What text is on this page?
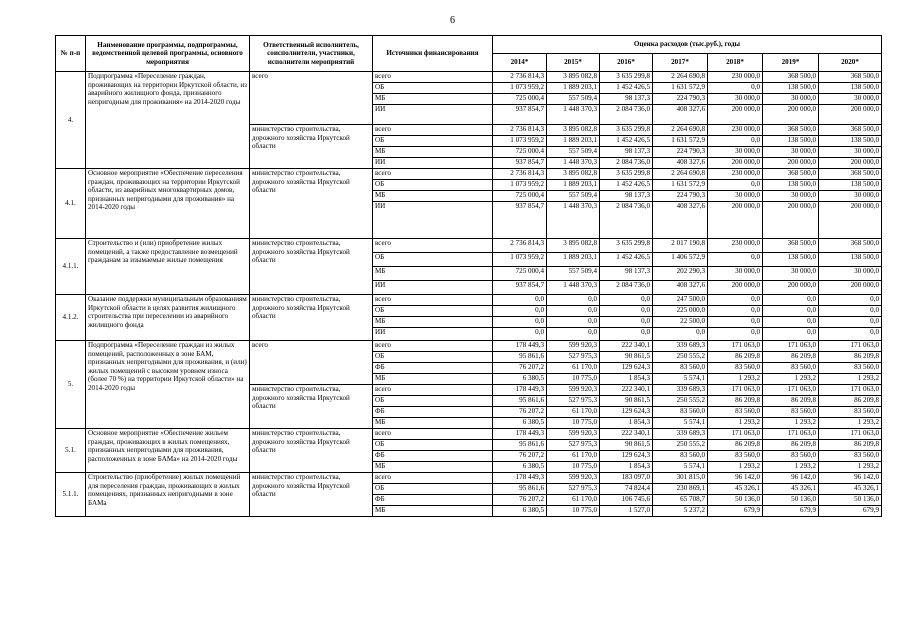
6
№ п-п	Наименование программы, подпрограммы, ведомственной целевой программы, основного мероприятия	Ответственный исполнитель, соисполнители, участники, исполнители мероприятий	Источники финансирования	Оценка расходов (тыс.руб.), годы						
				2014*	2015*	2016*	2017*	2018*	2019*	2020*
4.	Подпрограмма «Переселение граждан, проживающих на территории Иркутской области, из аварийного жилищного фонда, признанного непригодным для проживания» на 2014-2020 годы	всего	всего	2 736 814,3	3 895 082,8	3 635 299,8	2 264 690,8	230 000,0	368 500,0	368 500,0
			ОБ	1 073 959,2	1 889 203,1	1 452 426,5	1 631 572,9	0,0	138 500,0	138 500,0
			МБ	725 000,4	557 509,4	98 137,3	224 790,3	30 000,0	30 000,0	30 000,0
			ИИ	937 854,7	1 448 370,3	2 084 736,0	408 327,6	200 000,0	200 000,0	200 000,0
		министерство строительства, дорожного хозяйства Иркутской области	всего	2 736 814,3	3 895 082,8	3 635 299,8	2 264 690,8	230 000,0	368 500,0	368 500,0
			ОБ	1 073 959,2	1 889 203,1	1 452 426,5	1 631 572,9	0,0	138 500,0	138 500,0
			МБ	725 000,4	557 509,4	98 137,3	224 790,3	30 000,0	30 000,0	30 000,0
			ИИ	937 854,7	1 448 370,3	2 084 736,0	408 327,6	200 000,0	200 000,0	200 000,0
4.1.	Основное мероприятие «Обеспечение переселения граждан, проживающих на территории Иркутской области, из аварийных многоквартирных домов, признанных непригодными для проживания» на 2014-2020 годы	министерство строительства, дорожного хозяйства Иркутской области	всего	2 736 814,3	3 895 082,8	3 635 299,8	2 264 690,8	230 000,0	368 500,0	368 500,0
			ОБ	1 073 959,2	1 889 203,1	1 452 426,5	1 631 572,9	0,0	138 500,0	138 500,0
			МБ	725 000,4	557 509,4	98 137,3	224 790,3	30 000,0	30 000,0	30 000,0
			ИИ	937 854,7	1 448 370,3	2 084 736,0	408 327,6	200 000,0	200 000,0	200 000,0
4.1.1.	Строительство и (или) приобретение жилых помещений, а также предоставление возмещений гражданам за изымаемые жилые помещения	министерство строительства, дорожного хозяйства Иркутской области	всего	2 736 814,3	3 895 082,8	3 635 299,8	2 017 190,8	230 000,0	368 500,0	368 500,0
			ОБ	1 073 959,2	1 889 203,1	1 452 426,5	1 406 572,9	0,0	138 500,0	138 500,0
			МБ	725 000,4	557 509,4	98 137,3	202 290,3	30 000,0	30 000,0	30 000,0
			ИИ	937 854,7	1 448 370,3	2 084 736,0	408 327,6	200 000,0	200 000,0	200 000,0
4.1.2.	Оказание поддержки муниципальным образованиям Иркутской области в целях развития жилищного строительства при переселении из аварийного жилищного фонда	министерство строительства, дорожного хозяйства Иркутской области	всего	0,0	0,0	0,0	247 500,0	0,0	0,0	0,0
			ОБ	0,0	0,0	0,0	225 000,0	0,0	0,0	0,0
			МБ	0,0	0,0	0,0	22 500,0	0,0	0,0	0,0
			ИИ	0,0	0,0	0,0	0,0	0,0	0,0	0,0
5.	Подпрограмма «Переселение граждан из жилых помещений, расположенных в зоне БАМ, признанных непригодными для проживания, и (или) жилых помещений с высоким уровнем износа (более 70 %) на территории Иркутской области» на 2014-2020 годы	всего	всего	178 449,3	599 920,3	222 340,1	339 689,3	171 063,0	171 063,0	171 063,0
			ОБ	95 861,6	527 975,3	90 861,5	250 555,2	86 209,8	86 209,8	86 209,8
			ФБ	76 207,2	61 170,0	129 624,3	83 560,0	83 560,0	83 560,0	83 560,0
			МБ	6 380,5	10 775,0	1 854,3	5 574,1	1 293,2	1 293,2	1 293,2
		министерство строительства, дорожного хозяйства Иркутской области	всего	178 449,3	599 920,3	222 340,1	339 689,3	171 063,0	171 063,0	171 063,0
			ОБ	95 861,6	527 975,3	90 861,5	250 555,2	86 209,8	86 209,8	86 209,8
			ФБ	76 207,2	61 170,0	129 624,3	83 560,0	83 560,0	83 560,0	83 560,0
			МБ	6 380,5	10 775,0	1 854,3	5 574,1	1 293,2	1 293,2	1 293,2
5.1.	Основное мероприятие «Обеспечение жильем граждан, проживающих в жилых помещениях, признанных непригодными для проживания, расположенных в зоне БАМа» на 2014-2020 годы	министерство строительства, дорожного хозяйства Иркутской области	всего	178 449,3	599 920,3	222 340,1	339 689,3	171 063,0	171 063,0	171 063,0
			ОБ	95 861,6	527 975,3	90 861,5	250 555,2	86 209,8	86 209,8	86 209,8
			ФБ	76 207,2	61 170,0	129 624,3	83 560,0	83 560,0	83 560,0	83 560,0
			МБ	6 380,5	10 775,0	1 854,3	5 574,1	1 293,2	1 293,2	1 293,2
5.1.1.	Строительство (приобретение) жилых помещений для переселения граждан, проживающих в жилых помещениях, признанных непригодными в зоне БАМа	министерство строительства, дорожного хозяйства Иркутской области	всего	178 449,3	599 920,3	183 097,0	301 815,0	96 142,0	96 142,0	96 142,0
			ОБ	95 861,6	527 975,3	74 824,4	230 869,1	45 326,1	45 326,1	45 326,1
			ФБ	76 207,2	61 170,0	106 745,6	65 708,7	50 136,0	50 136,0	50 136,0
			МБ	6 380,5	10 775,0	1 527,0	5 237,2	679,9	679,9	679,9
